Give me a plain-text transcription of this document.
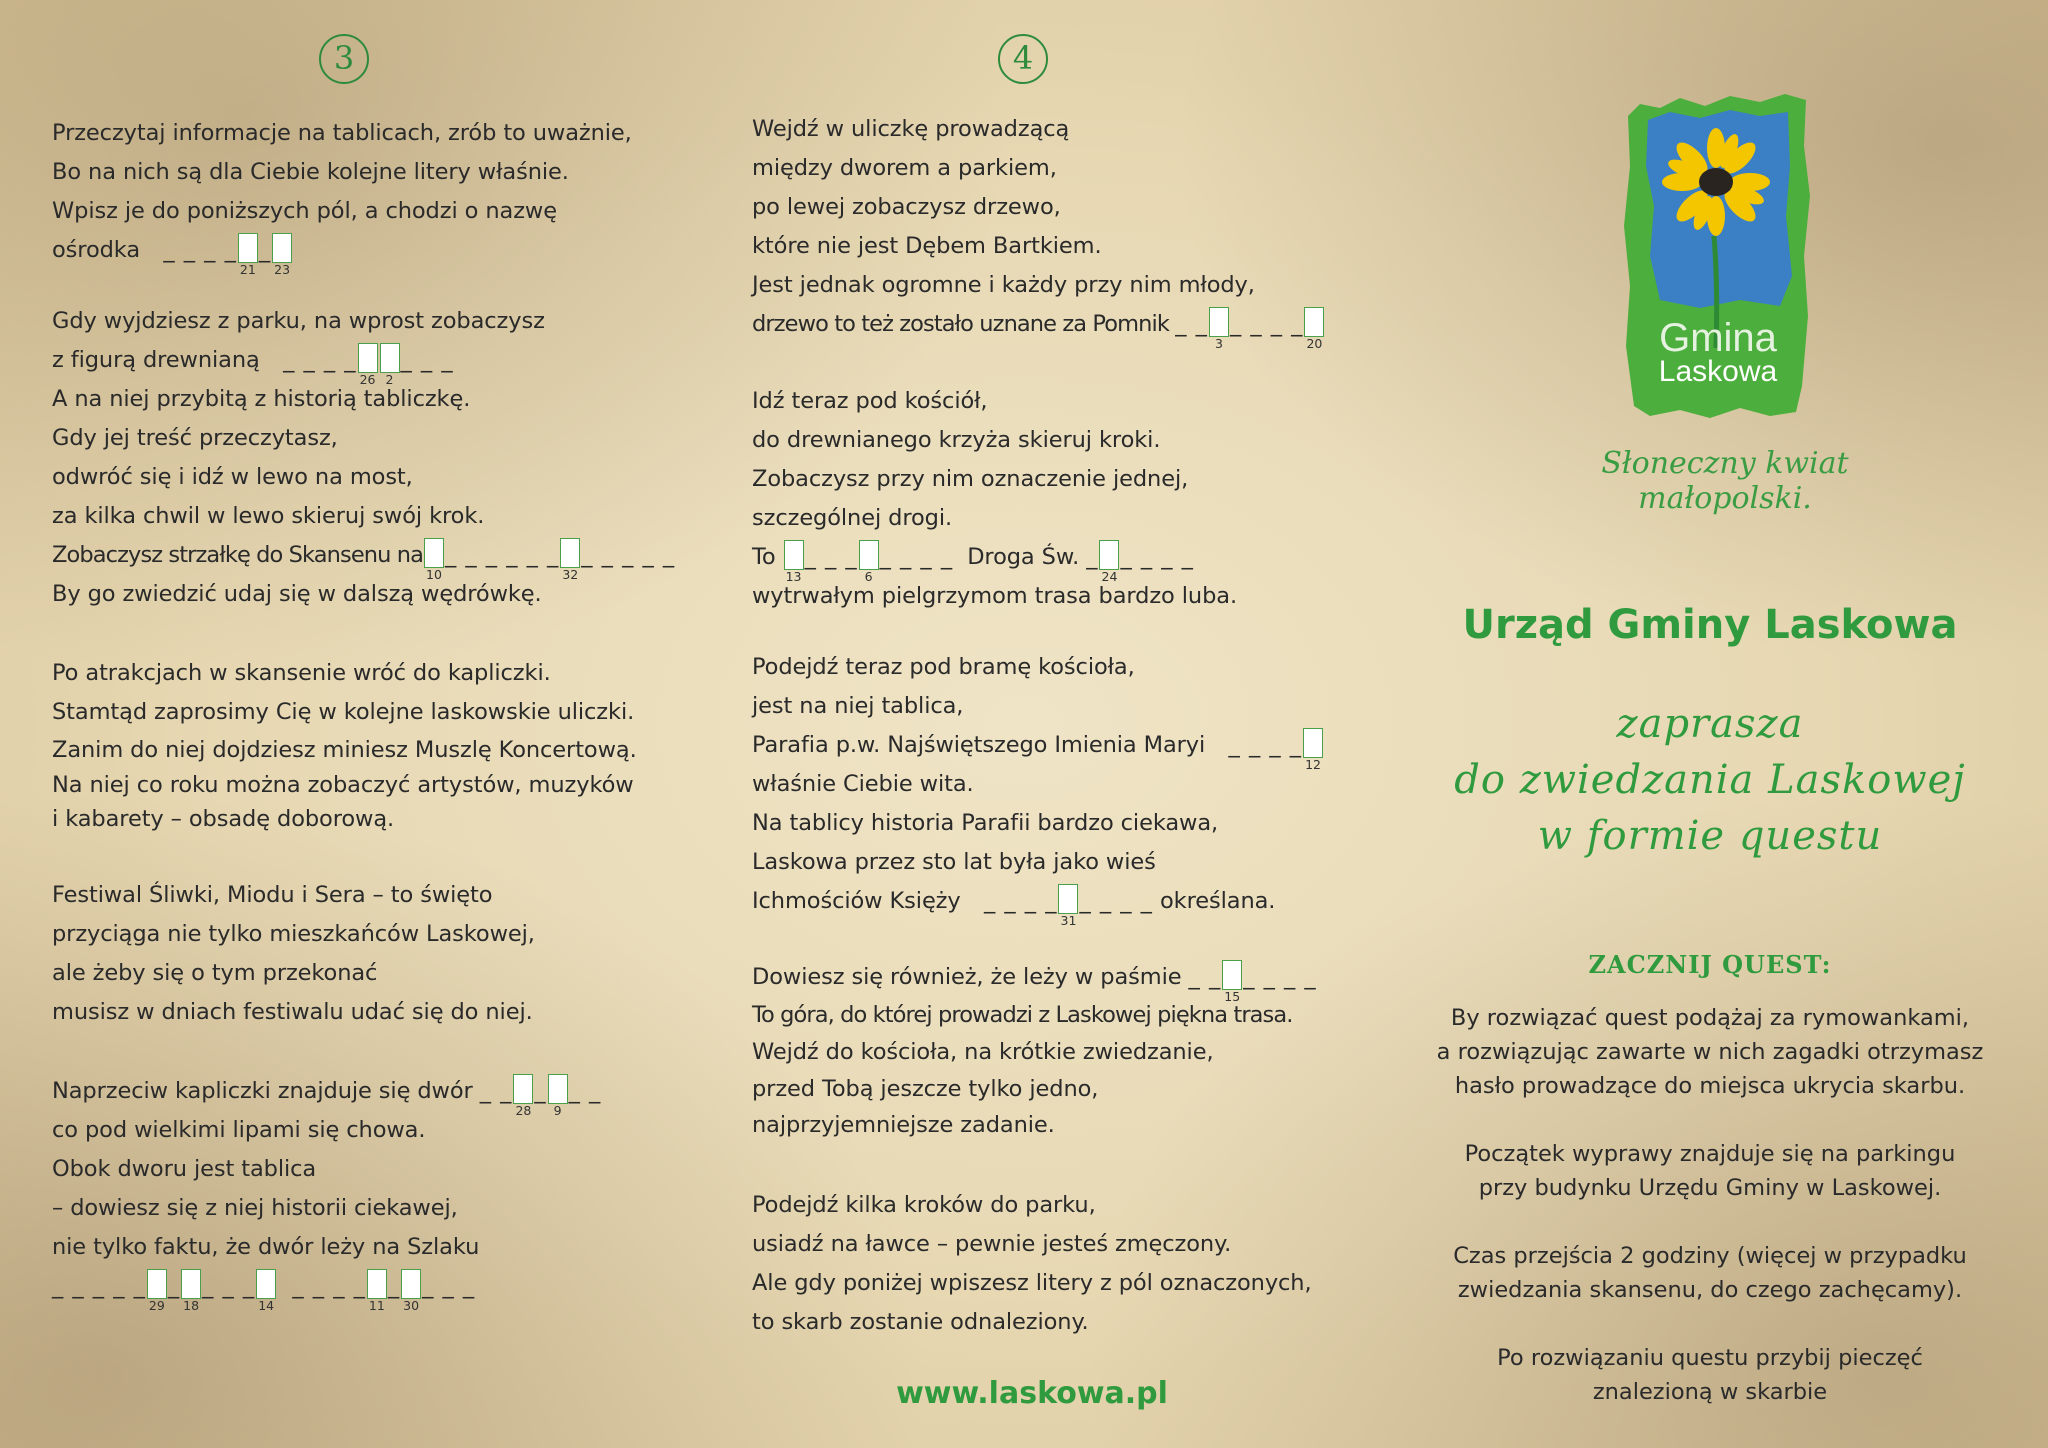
3
Przeczytaj informacje na tablicach, zrób to uważnie,
Bo na nich są dla Ciebie kolejne litery właśnie.
Wpisz je do poniższych pól, a chodzi o nazwę
ośrodka   _ _ _ _
21
_
23
Gdy wyjdziesz z parku, na wprost zobaczysz
z figurą drewnianą   _ _ _ _
26 2
_ _ _
A na niej przybitą z historią tabliczkę.
Gdy jej treść przeczytasz,
odwróć się i idź w lewo na most,
za kilka chwil w lewo skieruj swój krok.
Zobaczysz strzałkę do Skansenu na
10
_ _ _ _ _ _
32
_ _ _ _ _
By go zwiedzić udaj się w dalszą wędrówkę.
Po atrakcjach w skansenie wróć do kapliczki.
Stamtąd zaprosimy Cię w kolejne laskowskie uliczki.
Zanim do niej dojdziesz miniesz Muszlę Koncertową.
Na niej co roku można zobaczyć artystów, muzyków
i kabarety – obsadę doborową.
Festiwal Śliwki, Miodu i Sera – to święto
przyciąga nie tylko mieszkańców Laskowej,
ale żeby się o tym przekonać
musisz w dniach festiwalu udać się do niej.
Naprzeciw kapliczki znajduje się dwór _ _
28
_
9
_ _
co pod wielkimi lipami się chowa.
Obok dworu jest tablica
– dowiesz się z niej historii ciekawej,
nie tylko faktu, że dwór leży na Szlaku
_ _ _ _ _
29
_
18
_ _ _
14
_ _ _ _
11
_
30
_ _ _
4
Wejdź w uliczkę prowadzącą
między dworem a parkiem,
po lewej zobaczysz drzewo,
które nie jest Dębem Bartkiem.
Jest jednak ogromne i każdy przy nim młody,
drzewo to też zostało uznane za Pomnik _ _
3
_ _ _ _
20
Idź teraz pod kościół,
do drewnianego krzyża skieruj kroki.
Zobaczysz przy nim oznaczenie jednej,
szczególnej drogi.
To
13
_ _ _
6
_ _ _ _ Droga Św. _
24
_ _ _ _
wytrwałym pielgrzymom trasa bardzo luba.
Podejdź teraz pod bramę kościoła,
jest na niej tablica,
Parafia p.w. Najświętszego Imienia Maryi   _ _ _ _
12
właśnie Ciebie wita.
Na tablicy historia Parafii bardzo ciekawa,
Laskowa przez sto lat była jako wieś
Ichmościów Księży   _ _ _ _
31
_ _ _ _ określana.
Dowiesz się również, że leży w paśmie _ _
15
_ _ _ _
To góra, do której prowadzi z Laskowej piękna trasa.
Wejdź do kościoła, na krótkie zwiedzanie,
przed Tobą jeszcze tylko jedno,
najprzyjemniejsze zadanie.
Podejdź kilka kroków do parku,
usiadź na ławce – pewnie jesteś zmęczony.
Ale gdy poniżej wpiszesz litery z pól oznaczonych,
to skarb zostanie odnaleziony.
www.laskowa.pl
Gmina
Laskowa
Słoneczny kwiat małopolski.
Urząd Gminy Laskowa
zaprasza
do zwiedzania Laskowej
w formie questu
ZACZNIJ QUEST:
By rozwiązać quest podążaj za rymowankami,
a rozwiązując zawarte w nich zagadki otrzymasz
hasło prowadzące do miejsca ukrycia skarbu.
Początek wyprawy znajduje się na parkingu
przy budynku Urzędu Gminy w Laskowej.
Czas przejścia 2 godziny (więcej w przypadku
zwiedzania skansenu, do czego zachęcamy).
Po rozwiązaniu questu przybij pieczęć
znalezioną w skarbie
